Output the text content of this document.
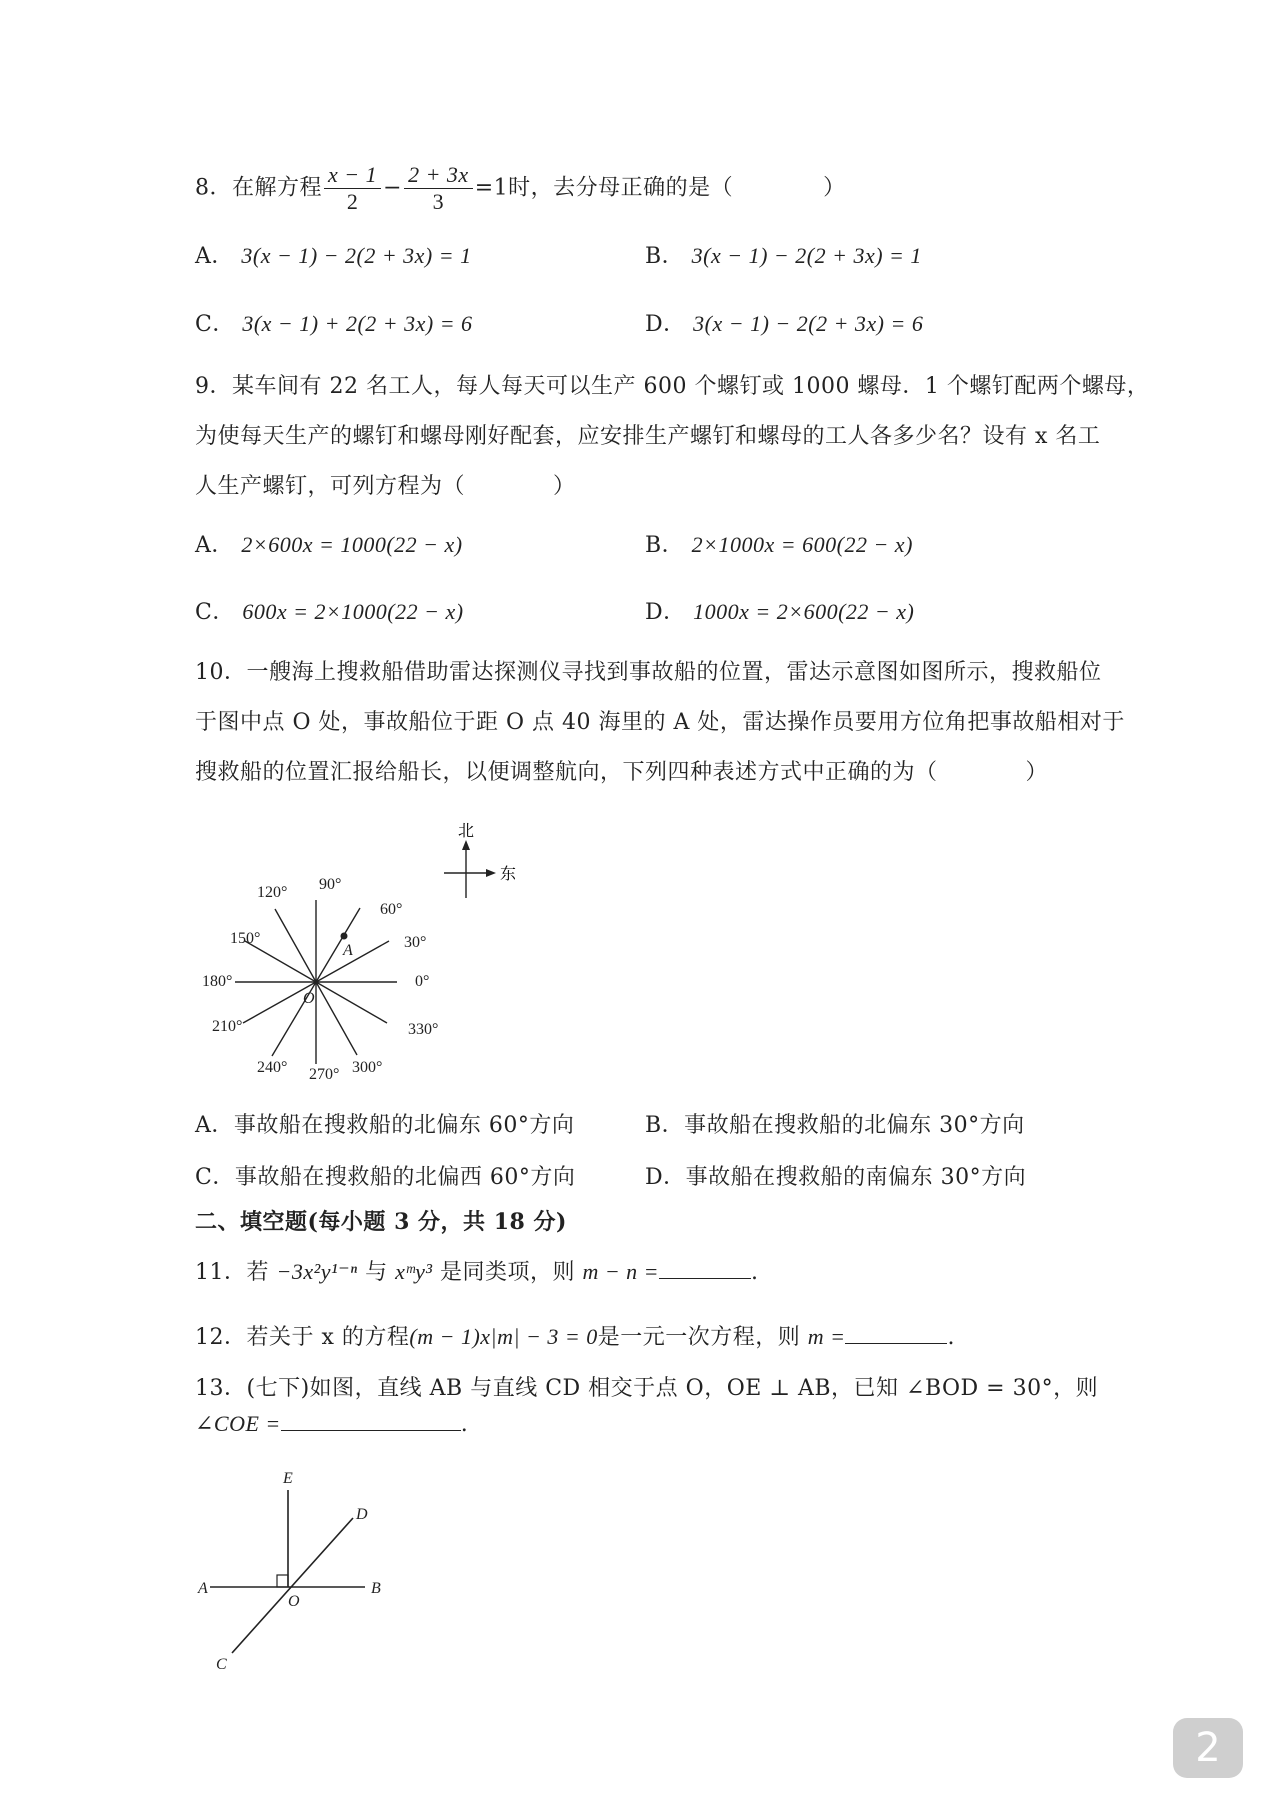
8．在解方程 $\frac{x - 1}{2} - \frac{2 + 3x}{3} =1$时，去分母正确的是（	）
A． 3(x − 1) − 2(2 + 3x) = 1	B． 3(x − 1) − 2(2 + 3x) = 1
C． 3(x − 1) + 2(2 + 3x) = 6	D． 3(x − 1) − 2(2 + 3x) = 6
9．某车间有 22 名工人，每人每天可以生产 600 个螺钉或 1000 螺母．1 个螺钉配两个螺母，
为使每天生产的螺钉和螺母刚好配套，应安排生产螺钉和螺母的工人各多少名？设有 x 名工
人生产螺钉，可列方程为（	）
A． 2×600x = 1000(22 − x)	B． 2×1000x = 600(22 − x)
C． 600x = 2×1000(22 − x)	D． 1000x = 2×600(22 − x)
10．一艘海上搜救船借助雷达探测仪寻找到事故船的位置，雷达示意图如图所示，搜救船位
于图中点 O 处，事故船位于距 O 点 40 海里的 A 处，雷达操作员要用方位角把事故船相对于
搜救船的位置汇报给船长，以便调整航向，下列四种表述方式中正确的为（	）
0°
30°
60°
90°
120°
150°
180°
210°
240° 270° 300°
330°
O
A
北
东
A．事故船在搜救船的北偏东 60°方向	B．事故船在搜救船的北偏东 30°方向
C．事故船在搜救船的北偏西 60°方向	D．事故船在搜救船的南偏东 30°方向
二、填空题(每小题 3 分，共 18 分)
11．若 −3x²y¹⁻ⁿ 与 xᵐy³ 是同类项，则 m − n =	.
12．若关于 x 的方程(m − 1)x|m| − 3 = 0是一元一次方程，则 m =	.
13．(七下)如图，直线 AB 与直线 CD 相交于点 O，OE ⊥ AB，已知 ∠BOD = 30°，则
∠COE =	.
E
D
A
O
B
C
2
